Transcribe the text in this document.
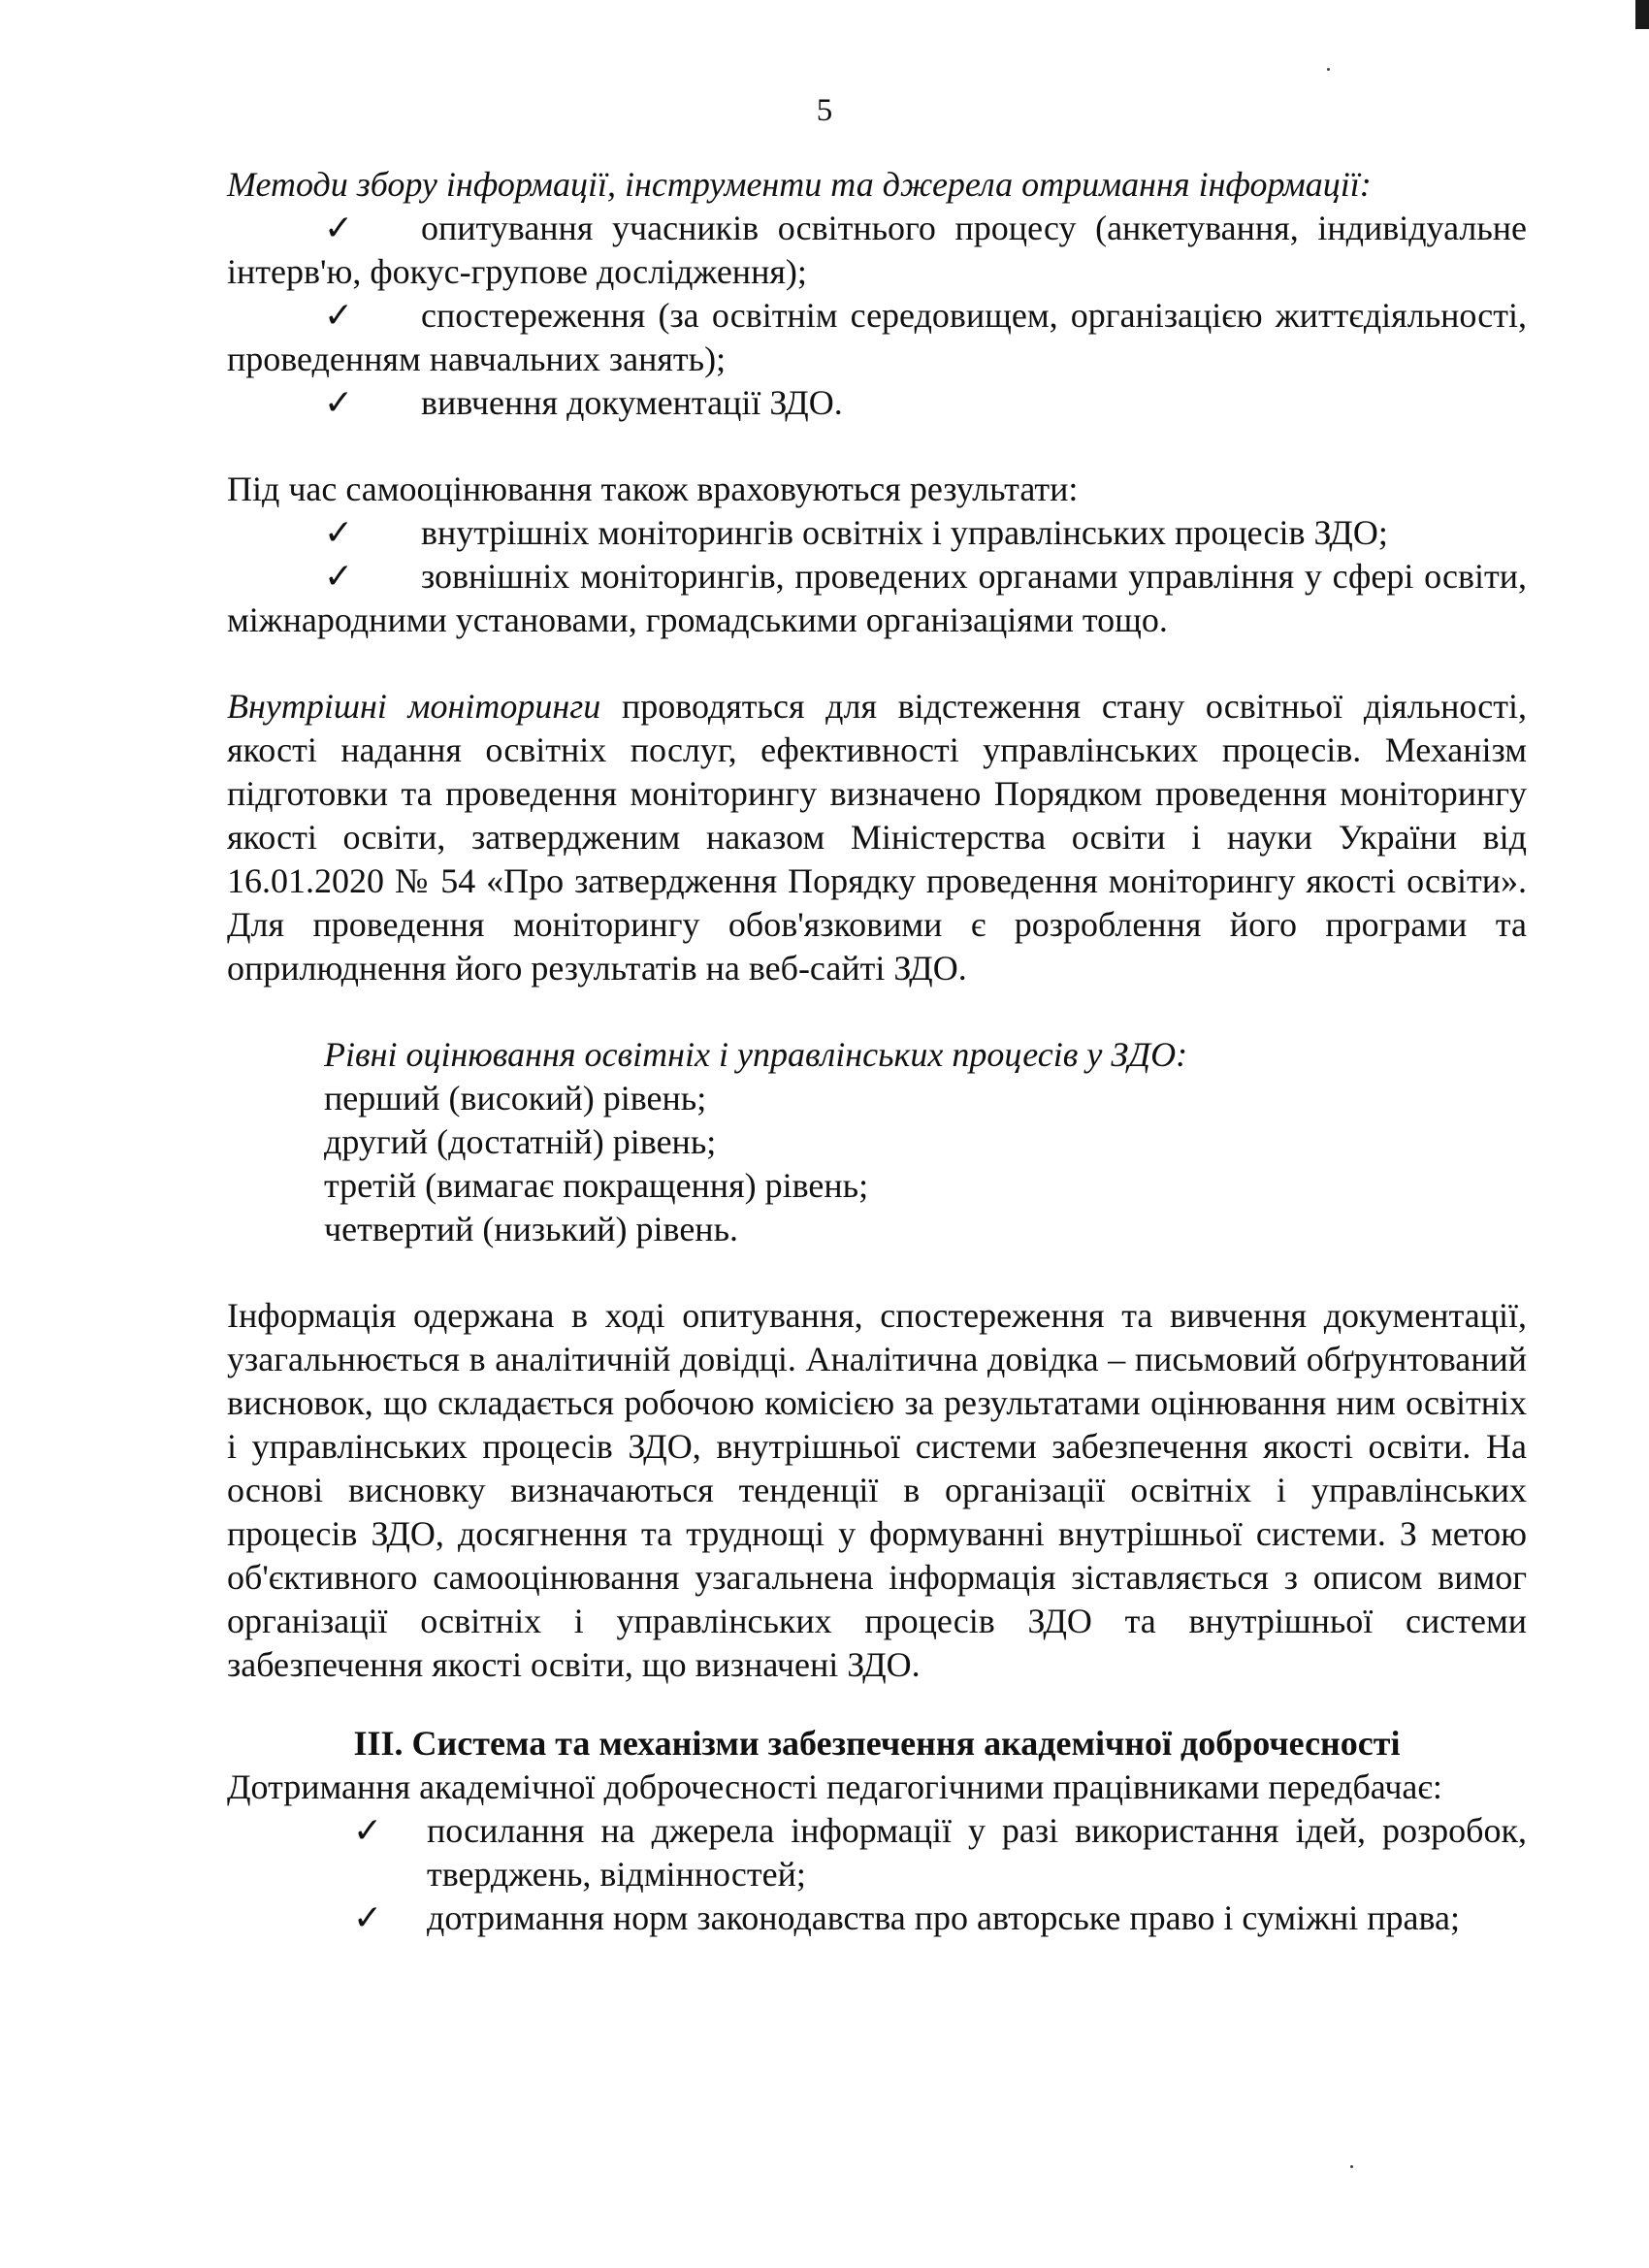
5

Методи збору інформації, інструменти та джерела отримання інформації:

✓ опитування учасників освітнього процесу (анкетування, індивідуальне інтерв'ю, фокус-групове дослідження);
✓ спостереження (за освітнім середовищем, організацією життєдіяльності, проведенням навчальних занять);
✓ вивчення документації ЗДО.

Під час самооцінювання також враховуються результати:

✓ внутрішніх моніторингів освітніх і управлінських процесів ЗДО;
✓ зовнішніх моніторингів, проведених органами управління у сфері освіти, міжнародними установами, громадськими організаціями тощо.

Внутрішні моніторинги проводяться для відстеження стану освітньої діяльності, якості надання освітніх послуг, ефективності управлінських процесів. Механізм підготовки та проведення моніторингу визначено Порядком проведення моніторингу якості освіти, затвердженим наказом Міністерства освіти і науки України від 16.01.2020 № 54 «Про затвердження Порядку проведення моніторингу якості освіти». Для проведення моніторингу обов'язковими є розроблення його програми та оприлюднення його результатів на веб-сайті ЗДО.

Рівні оцінювання освітніх і управлінських процесів у ЗДО:

перший (високий) рівень;

другий (достатній) рівень;

третій (вимагає покращення) рівень;

четвертий (низький) рівень.

Інформація одержана в ході опитування, спостереження та вивчення документації, узагальнюється в аналітичній довідці. Аналітична довідка – письмовий обґрунтований висновок, що складається робочою комісією за результатами оцінювання ним освітніх і управлінських процесів ЗДО, внутрішньої системи забезпечення якості освіти. На основі висновку визначаються тенденції в організації освітніх і управлінських процесів ЗДО, досягнення та труднощі у формуванні внутрішньої системи. З метою об'єктивного самооцінювання узагальнена інформація зіставляється з описом вимог організації освітніх і управлінських процесів ЗДО та внутрішньої системи забезпечення якості освіти, що визначені ЗДО.

ІІІ. Система та механізми забезпечення академічної доброчесності

Дотримання академічної доброчесності педагогічними працівниками передбачає:

✓ посилання на джерела інформації у разі використання ідей, розробок, тверджень, відмінностей;
✓ дотримання норм законодавства про авторське право і суміжні права;
